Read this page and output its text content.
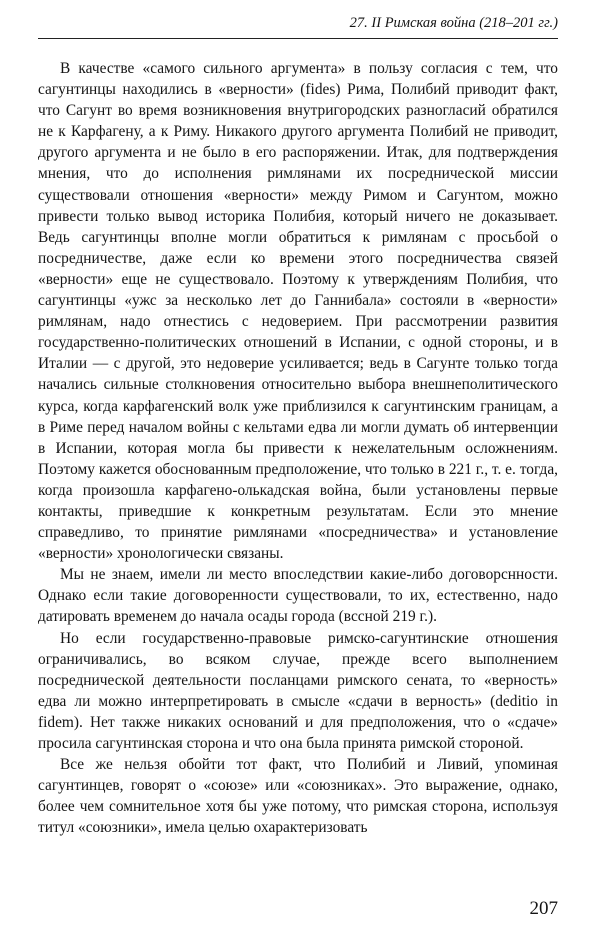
27. II Римская война (218–201 гг.)

В качестве «самого сильного аргумента» в пользу согласия с тем, что сагунтинцы находились в «верности» (fides) Рима, Полибий приводит факт, что Сагунт во время возникновения внутригородских разногласий обратился не к Карфагену, а к Риму. Никакого другого аргумента Полибий не приводит, другого аргумента и не было в его распоряжении. Итак, для подтверждения мнения, что до исполнения римлянами их посреднической миссии существовали отношения «верности» между Римом и Сагунтом, можно привести только вывод историка Полибия, который ничего не доказывает. Ведь сагунтинцы вполне могли обратиться к римлянам с просьбой о посредничестве, даже если ко времени этого посредничества связей «верности» еще не существовало. Поэтому к утверждениям Полибия, что сагунтинцы «ужс за несколько лет до Ганнибала» состояли в «верности» римлянам, надо отнестись с недоверием. При рассмотрении развития государственно-политических отношений в Испании, с одной стороны, и в Италии — с другой, это недоверие усиливается; ведь в Сагунте только тогда начались сильные столкновения относительно выбора внешнеполитического курса, когда карфагенский волк уже приблизился к сагунтинским границам, а в Риме перед началом войны с кельтами едва ли могли думать об интервенции в Испании, которая могла бы привести к нежелательным осложнениям. Поэтому кажется обоснованным предположение, что только в 221 г., т. е. тогда, когда произошла карфагено-олькадская война, были установлены первые контакты, приведшие к конкретным результатам. Если это мнение справедливо, то принятие римлянами «посредничества» и установление «верности» хронологически связаны.

Мы не знаем, имели ли место впоследствии какие-либо договорснности. Однако если такие договоренности существовали, то их, естественно, надо датировать временем до начала осады города (всcной 219 г.).

Но если государственно-правовые римско-сагунтинские отношения ограничивались, во всяком случае, прежде всего выполнением посреднической деятельности посланцами римского сената, то «верность» едва ли можно интерпретировать в смысле «сдачи в верность» (deditio in fidem). Нет также никаких оснований и для предположения, что о «сдаче» просила сагунтинская сторона и что она была принята римской стороной.

Все же нельзя обойти тот факт, что Полибий и Ливий, упоминая сагунтинцев, говорят о «союзе» или «союзниках». Это выражение, однако, более чем сомнительное хотя бы уже потому, что римская сторона, используя титул «союзники», имела целью охарактеризовать

207
